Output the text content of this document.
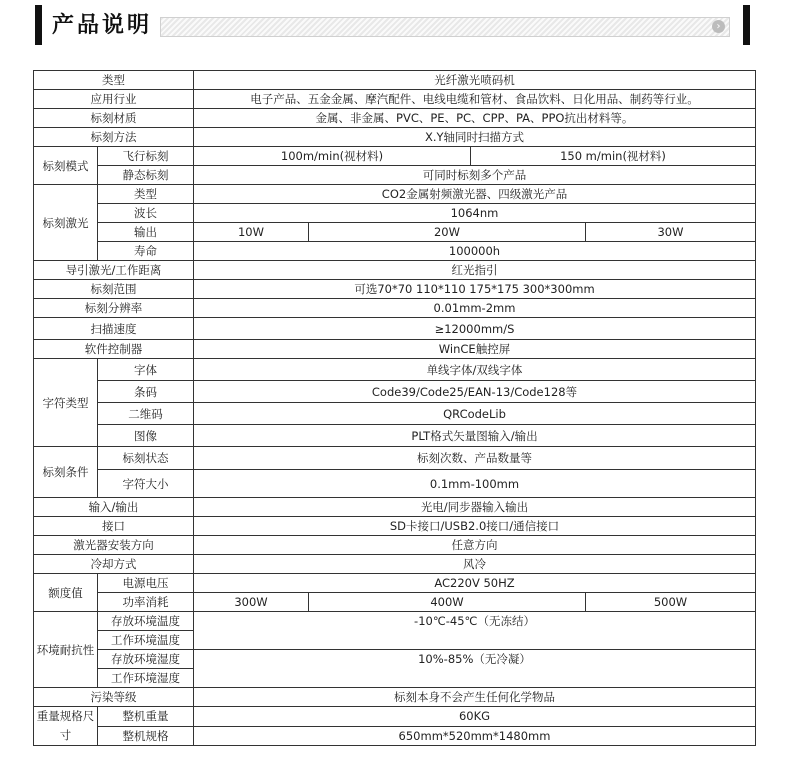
产品说明	›
类型		光纤激光喷码机			
应用行业		电子产品、五金金属、摩汽配件、电线电缆和管材、食品饮料、日化用品、制药等行业。			
标刻材质		金属、非金属、PVC、PE、PC、CPP、PA、PPO抗出材料等。			
标刻方法		X.Y轴同时扫描方式			
标刻模式	飞行标刻	100m/min(视材料)		150 m/min(视材料)	
	静态标刻	可同时标刻多个产品			
标刻激光	类型	CO2金属射频激光器、四级激光产品			
	波长	1064nm			
	输出	10W	20W		30W
	寿命	100000h			
导引激光/工作距离		红光指引			
标刻范围		可选70*70 110*110 175*175 300*300mm			
标刻分辨率		0.01mm-2mm			
扫描速度		≥12000mm/S			
软件控制器		WinCE触控屏			
字符类型	字体	单线字体/双线字体			
	条码	Code39/Code25/EAN-13/Code128等			
	二维码	QRCodeLib			
	图像	PLT格式矢量图输入/输出			
标刻条件	标刻状态	标刻次数、产品数量等			
	字符大小	0.1mm-100mm			
输入/输出		光电/同步器输入输出			
接口		SD卡接口/USB2.0接口/通信接口			
激光器安装方向		任意方向			
冷却方式		风冷			
额度值	电源电压	AC220V 50HZ			
	功率消耗	300W	400W		500W
环境耐抗性	存放环境温度	-10℃-45℃（无冻结）			
	工作环境温度				
	存放环境湿度	10%-85%（无冷凝）			
	工作环境湿度				
污染等级		标刻本身不会产生任何化学物品			
重量规格尺寸	整机重量	60KG			
	整机规格	650mm*520mm*1480mm			
